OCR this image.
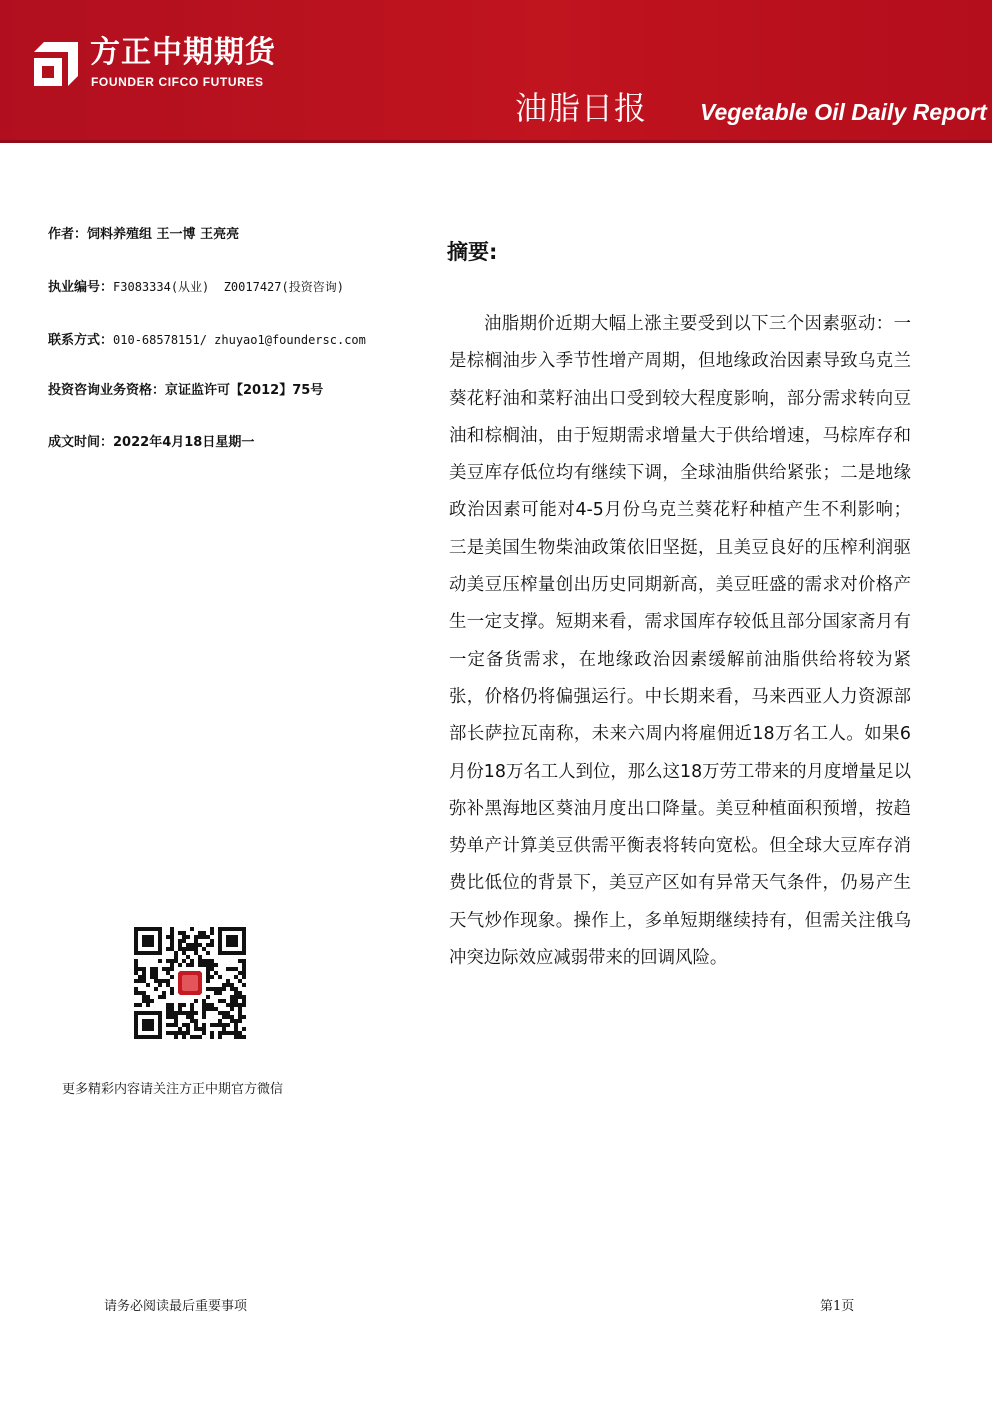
方正中期期货
FOUNDER CIFCO FUTURES
油脂日报 Vegetable Oil Daily Report
作者：饲料养殖组 王一博 王亮亮
执业编号：F3083334(从业)  Z0017427(投资咨询)
联系方式：010-68578151/ zhuyao1@foundersc.com
投资咨询业务资格：京证监许可【2012】75号
成文时间：2022年4月18日星期一
摘要:
油脂期价近期大幅上涨主要受到以下三个因素驱动：一是棕榈油步入季节性增产周期，但地缘政治因素导致乌克兰葵花籽油和菜籽油出口受到较大程度影响，部分需求转向豆油和棕榈油，由于短期需求增量大于供给增速，马棕库存和美豆库存低位均有继续下调，全球油脂供给紧张；二是地缘政治因素可能对4-5月份乌克兰葵花籽种植产生不利影响；三是美国生物柴油政策依旧坚挺，且美豆良好的压榨利润驱动美豆压榨量创出历史同期新高，美豆旺盛的需求对价格产生一定支撑。短期来看，需求国库存较低且部分国家斋月有一定备货需求，在地缘政治因素缓解前油脂供给将较为紧张，价格仍将偏强运行。中长期来看，马来西亚人力资源部部长萨拉瓦南称，未来六周内将雇佣近18万名工人。如果6月份18万名工人到位，那么这18万劳工带来的月度增量足以弥补黑海地区葵油月度出口降量。美豆种植面积预增，按趋势单产计算美豆供需平衡表将转向宽松。但全球大豆库存消费比低位的背景下，美豆产区如有异常天气条件，仍易产生天气炒作现象。操作上，多单短期继续持有，但需关注俄乌冲突边际效应减弱带来的回调风险。
更多精彩内容请关注方正中期官方微信
请务必阅读最后重要事项	第1页
